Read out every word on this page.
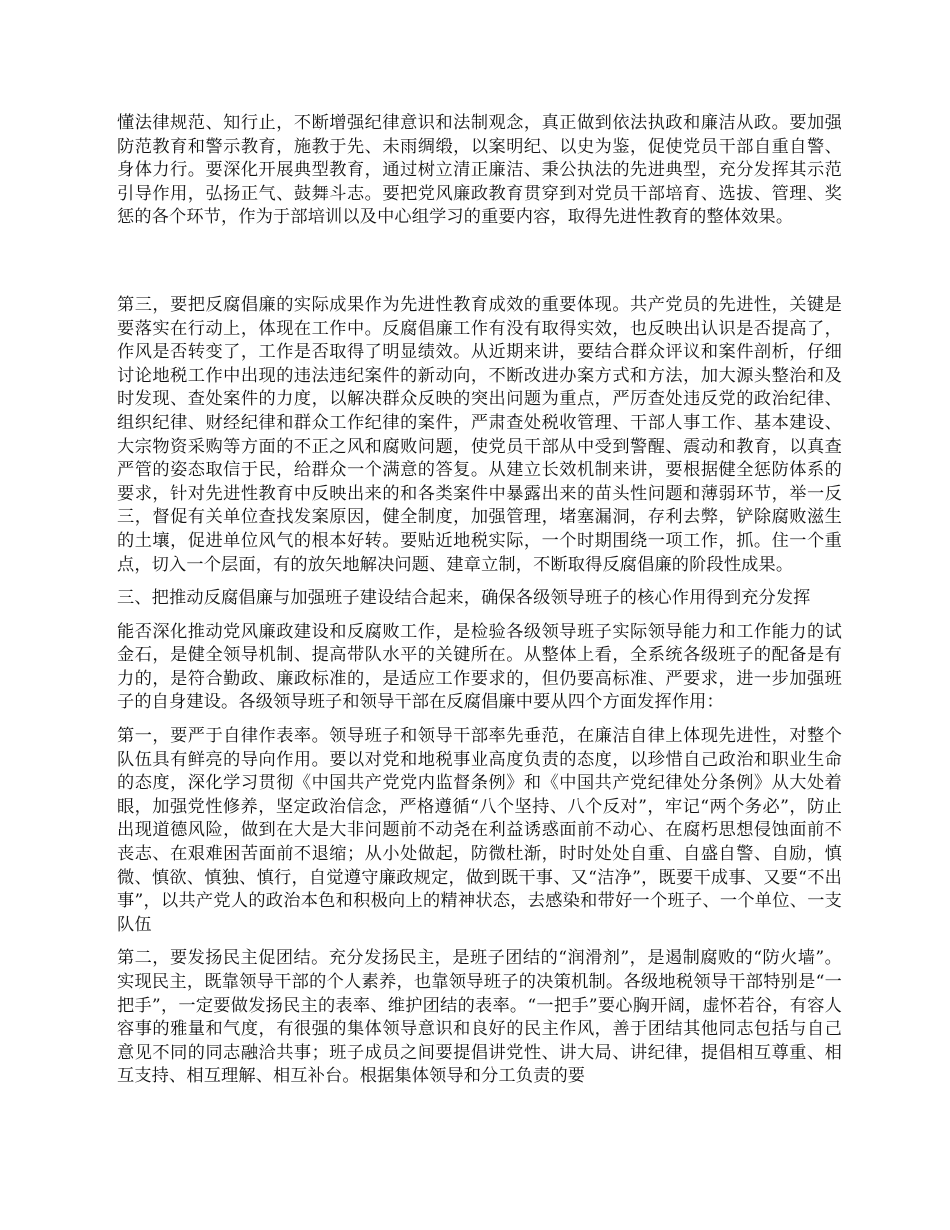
懂法律规范、知行止，不断增强纪律意识和法制观念，真正做到依法执政和廉洁从政。要加强防范教育和警示教育，施教于先、未雨绸缎，以案明纪、以史为鉴，促使党员干部自重自警、身体力行。要深化开展典型教育，通过树立清正廉洁、秉公执法的先进典型，充分发挥其示范引导作用，弘扬正气、鼓舞斗志。要把党风廉政教育贯穿到对党员干部培育、选拔、管理、奖惩的各个环节，作为于部培训以及中心组学习的重要内容，取得先进性教育的整体效果。

第三，要把反腐倡廉的实际成果作为先进性教育成效的重要体现。共产党员的先进性，关键是要落实在行动上，体现在工作中。反腐倡廉工作有没有取得实效，也反映出认识是否提高了，作风是否转变了，工作是否取得了明显绩效。从近期来讲，要结合群众评议和案件剖析，仔细讨论地税工作中出现的违法违纪案件的新动向，不断改进办案方式和方法，加大源头整治和及时发现、查处案件的力度，以解决群众反映的突出问题为重点，严厉查处违反党的政治纪律、组织纪律、财经纪律和群众工作纪律的案件，严肃查处税收管理、干部人事工作、基本建设、大宗物资采购等方面的不正之风和腐败问题，使党员干部从中受到警醒、震动和教育，以真查严管的姿态取信于民，给群众一个满意的答复。从建立长效机制来讲，要根据健全惩防体系的要求，针对先进性教育中反映出来的和各类案件中暴露出来的苗头性问题和薄弱环节，举一反三，督促有关单位查找发案原因，健全制度，加强管理，堵塞漏洞，存利去弊，铲除腐败滋生的土壤，促进单位风气的根本好转。要贴近地税实际，一个时期围绕一项工作，抓。住一个重点，切入一个层面，有的放矢地解决问题、建章立制，不断取得反腐倡廉的阶段性成果。

三、把推动反腐倡廉与加强班子建设结合起来，确保各级领导班子的核心作用得到充分发挥

能否深化推动党风廉政建设和反腐败工作，是检验各级领导班子实际领导能力和工作能力的试金石，是健全领导机制、提高带队水平的关键所在。从整体上看，全系统各级班子的配备是有力的，是符合勤政、廉政标准的，是适应工作要求的，但仍要高标准、严要求，进一步加强班子的自身建设。各级领导班子和领导干部在反腐倡廉中要从四个方面发挥作用：

第一，要严于自律作表率。领导班子和领导干部率先垂范，在廉洁自律上体现先进性，对整个队伍具有鲜亮的导向作用。要以对党和地税事业高度负责的态度，以珍惜自己政治和职业生命的态度，深化学习贯彻《中国共产党党内监督条例》和《中国共产党纪律处分条例》从大处着眼，加强党性修养，坚定政治信念，严格遵循“八个坚持、八个反对”，牢记“两个务必”，防止出现道德风险，做到在大是大非问题前不动尧在利益诱惑面前不动心、在腐朽思想侵蚀面前不丧志、在艰难困苦面前不退缩；从小处做起，防微杜渐，时时处处自重、自盛自警、自励，慎微、慎欲、慎独、慎行，自觉遵守廉政规定，做到既干事、又“洁净”，既要干成事、又要“不出事”，以共产党人的政治本色和积极向上的精神状态，去感染和带好一个班子、一个单位、一支队伍

第二，要发扬民主促团结。充分发扬民主，是班子团结的“润滑剂”，是遏制腐败的“防火墙”。实现民主，既靠领导干部的个人素养，也靠领导班子的决策机制。各级地税领导干部特别是“一把手”，一定要做发扬民主的表率、维护团结的表率。“一把手”要心胸开阔，虚怀若谷，有容人容事的雅量和气度，有很强的集体领导意识和良好的民主作风，善于团结其他同志包括与自己意见不同的同志融洽共事；班子成员之间要提倡讲党性、讲大局、讲纪律，提倡相互尊重、相互支持、相互理解、相互补台。根据集体领导和分工负责的要
